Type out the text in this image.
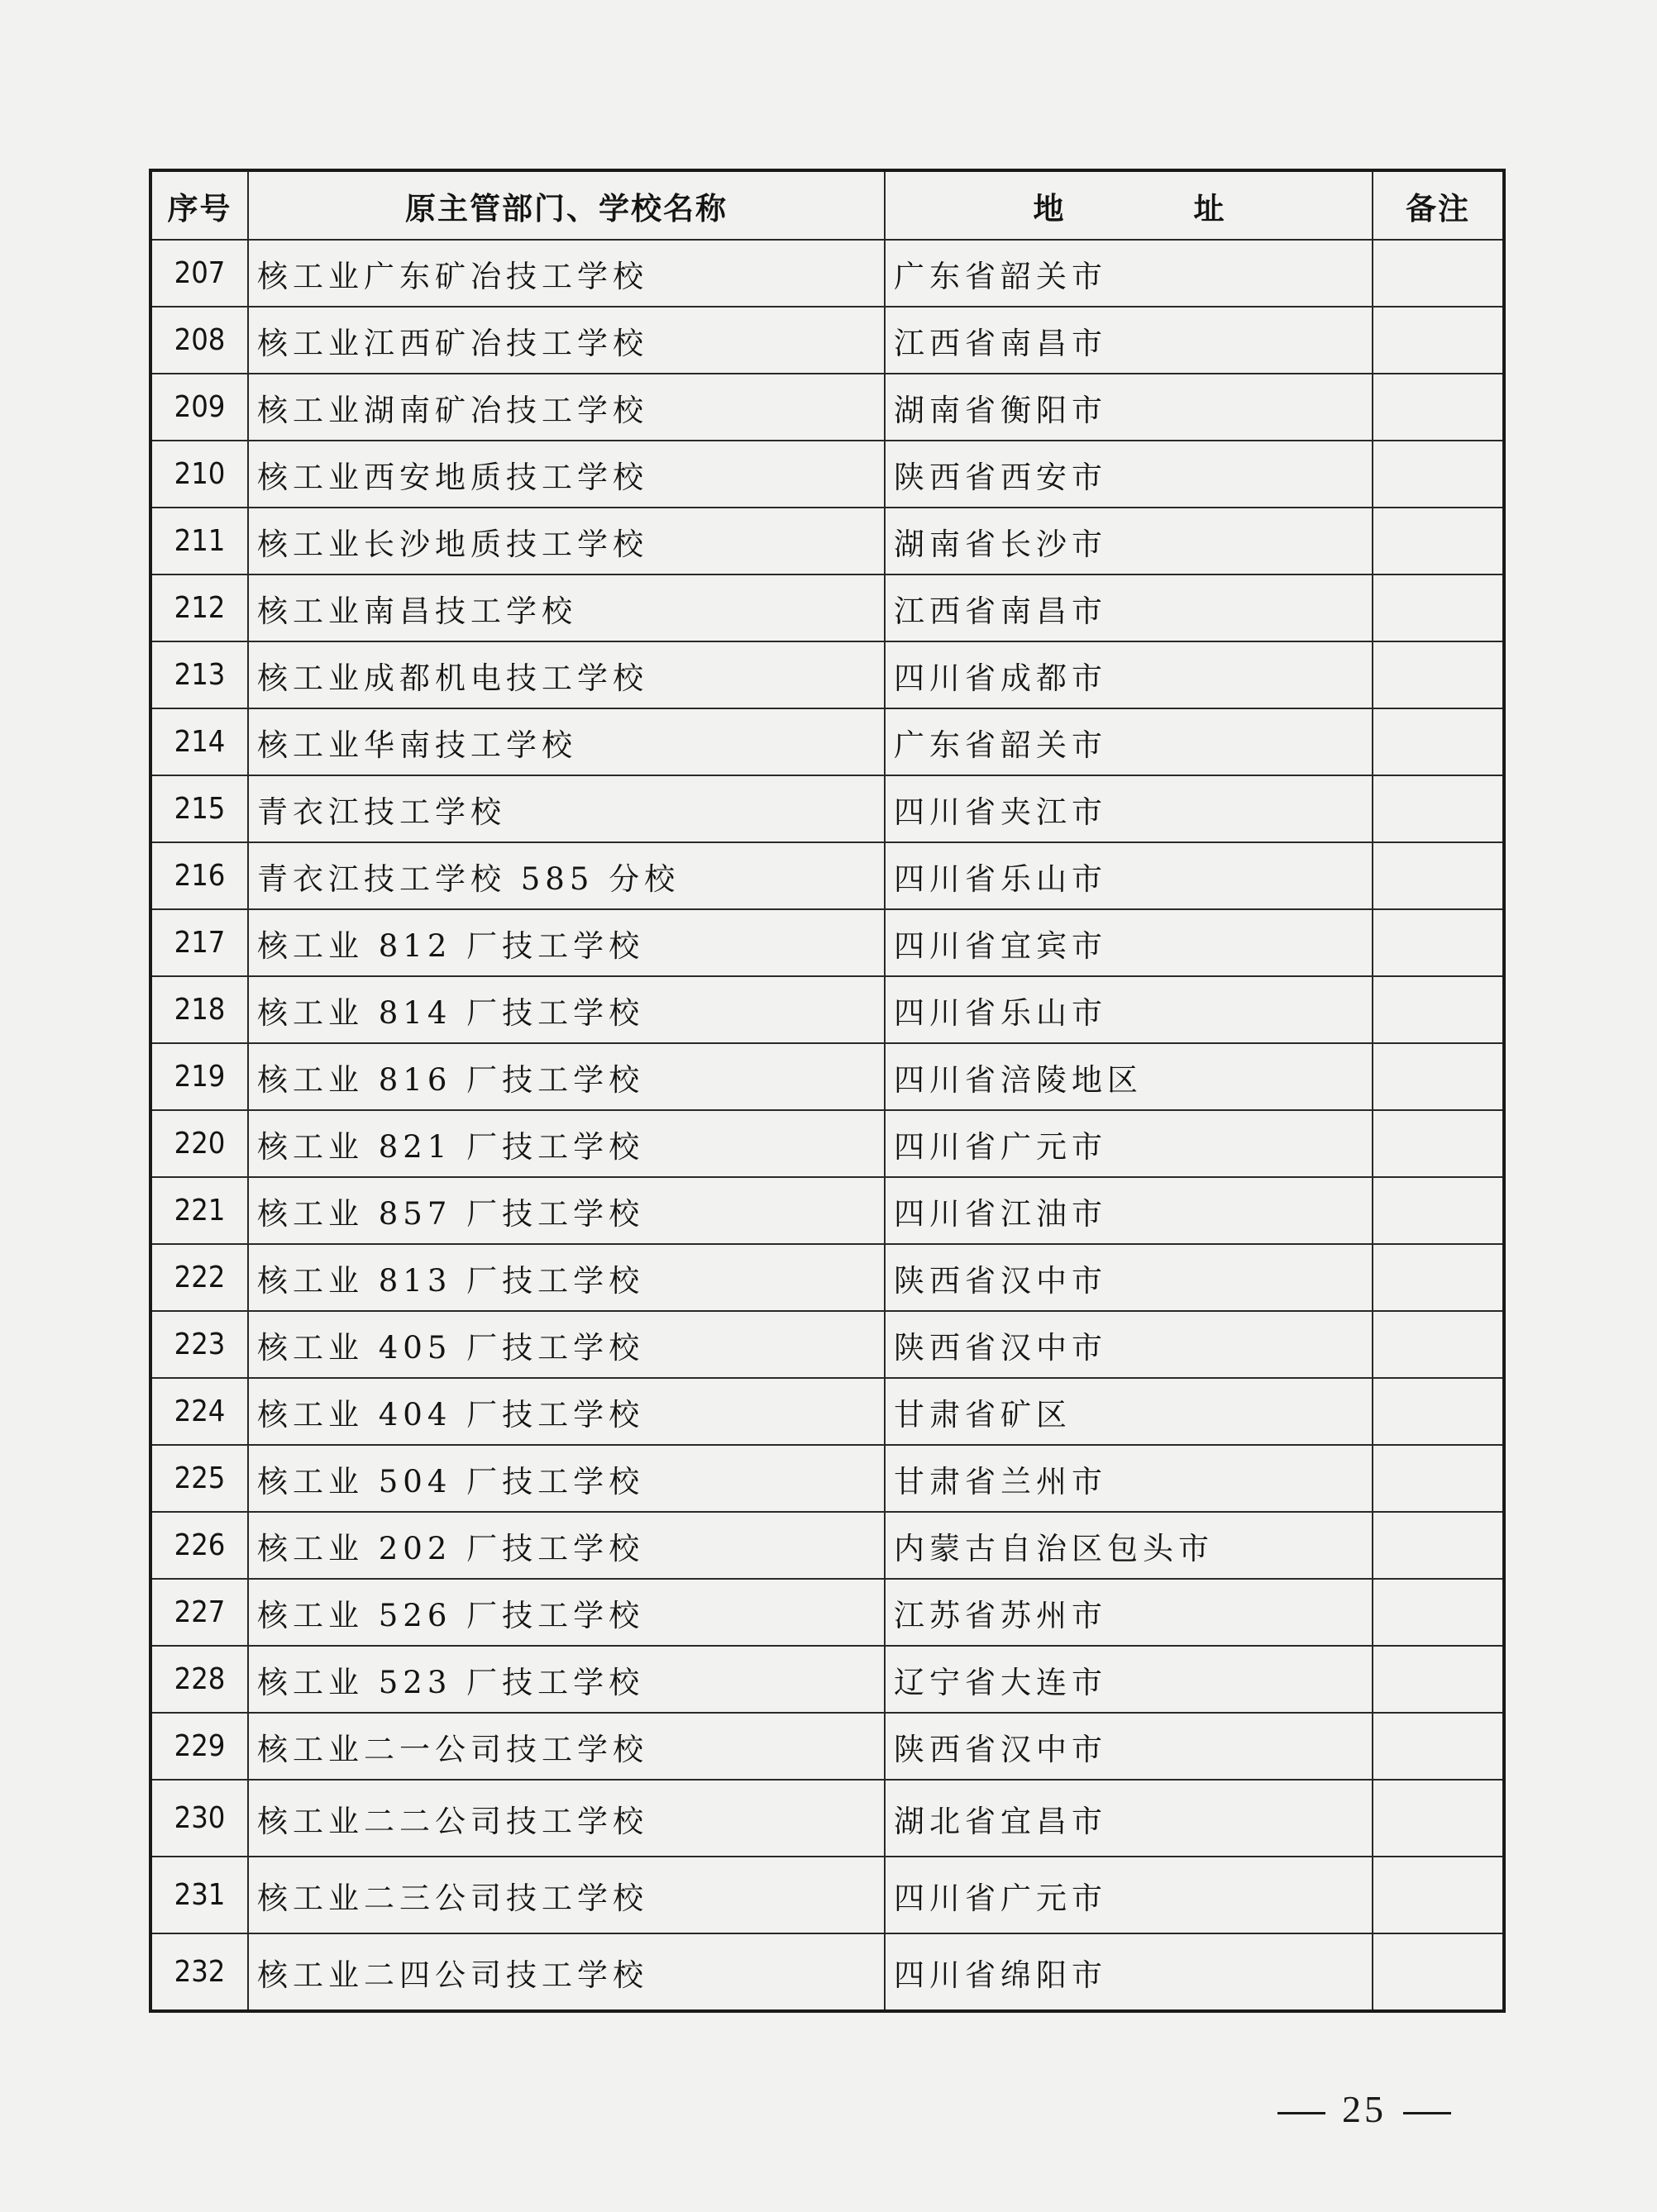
序号	原主管部门、学校名称	地　址	备注
207	核工业广东矿冶技工学校	广东省韶关市	
208	核工业江西矿冶技工学校	江西省南昌市	
209	核工业湖南矿冶技工学校	湖南省衡阳市	
210	核工业西安地质技工学校	陕西省西安市	
211	核工业长沙地质技工学校	湖南省长沙市	
212	核工业南昌技工学校	江西省南昌市	
213	核工业成都机电技工学校	四川省成都市	
214	核工业华南技工学校	广东省韶关市	
215	青衣江技工学校	四川省夹江市	
216	青衣江技工学校 585 分校	四川省乐山市	
217	核工业 812 厂技工学校	四川省宜宾市	
218	核工业 814 厂技工学校	四川省乐山市	
219	核工业 816 厂技工学校	四川省涪陵地区	
220	核工业 821 厂技工学校	四川省广元市	
221	核工业 857 厂技工学校	四川省江油市	
222	核工业 813 厂技工学校	陕西省汉中市	
223	核工业 405 厂技工学校	陕西省汉中市	
224	核工业 404 厂技工学校	甘肃省矿区	
225	核工业 504 厂技工学校	甘肃省兰州市	
226	核工业 202 厂技工学校	内蒙古自治区包头市	
227	核工业 526 厂技工学校	江苏省苏州市	
228	核工业 523 厂技工学校	辽宁省大连市	
229	核工业二一公司技工学校	陕西省汉中市	
230	核工业二二公司技工学校	湖北省宜昌市	
231	核工业二三公司技工学校	四川省广元市	
232	核工业二四公司技工学校	四川省绵阳市	
25
